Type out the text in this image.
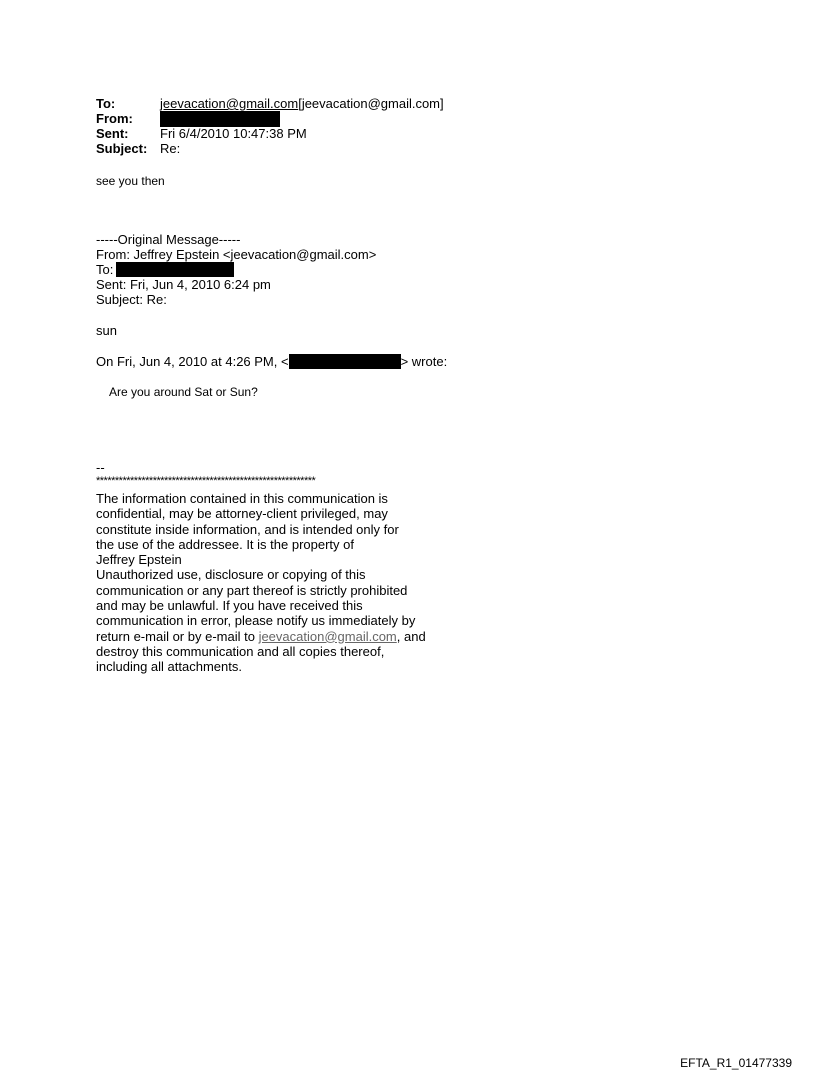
To:	jeevacation@gmail.com[jeevacation@gmail.com]
From:
Sent: Fri 6/4/2010 10:47:38 PM
Subject: Re:
see you then
-----Original Message-----
From: Jeffrey Epstein <jeevacation@gmail.com>
To:
Sent: Fri, Jun 4, 2010 6:24 pm
Subject: Re:
sun
On Fri, Jun 4, 2010 at 4:26 PM, <	> wrote:
Are you around Sat or Sun?
--
**********************************************************
The information contained in this communication is
confidential, may be attorney-client privileged, may
constitute inside information, and is intended only for
the use of the addressee. It is the property of
Jeffrey Epstein
Unauthorized use, disclosure or copying of this
communication or any part thereof is strictly prohibited
and may be unlawful. If you have received this
communication in error, please notify us immediately by
return e-mail or by e-mail to jeevacation@gmail.com, and
destroy this communication and all copies thereof,
including all attachments.
EFTA_R1_01477339
